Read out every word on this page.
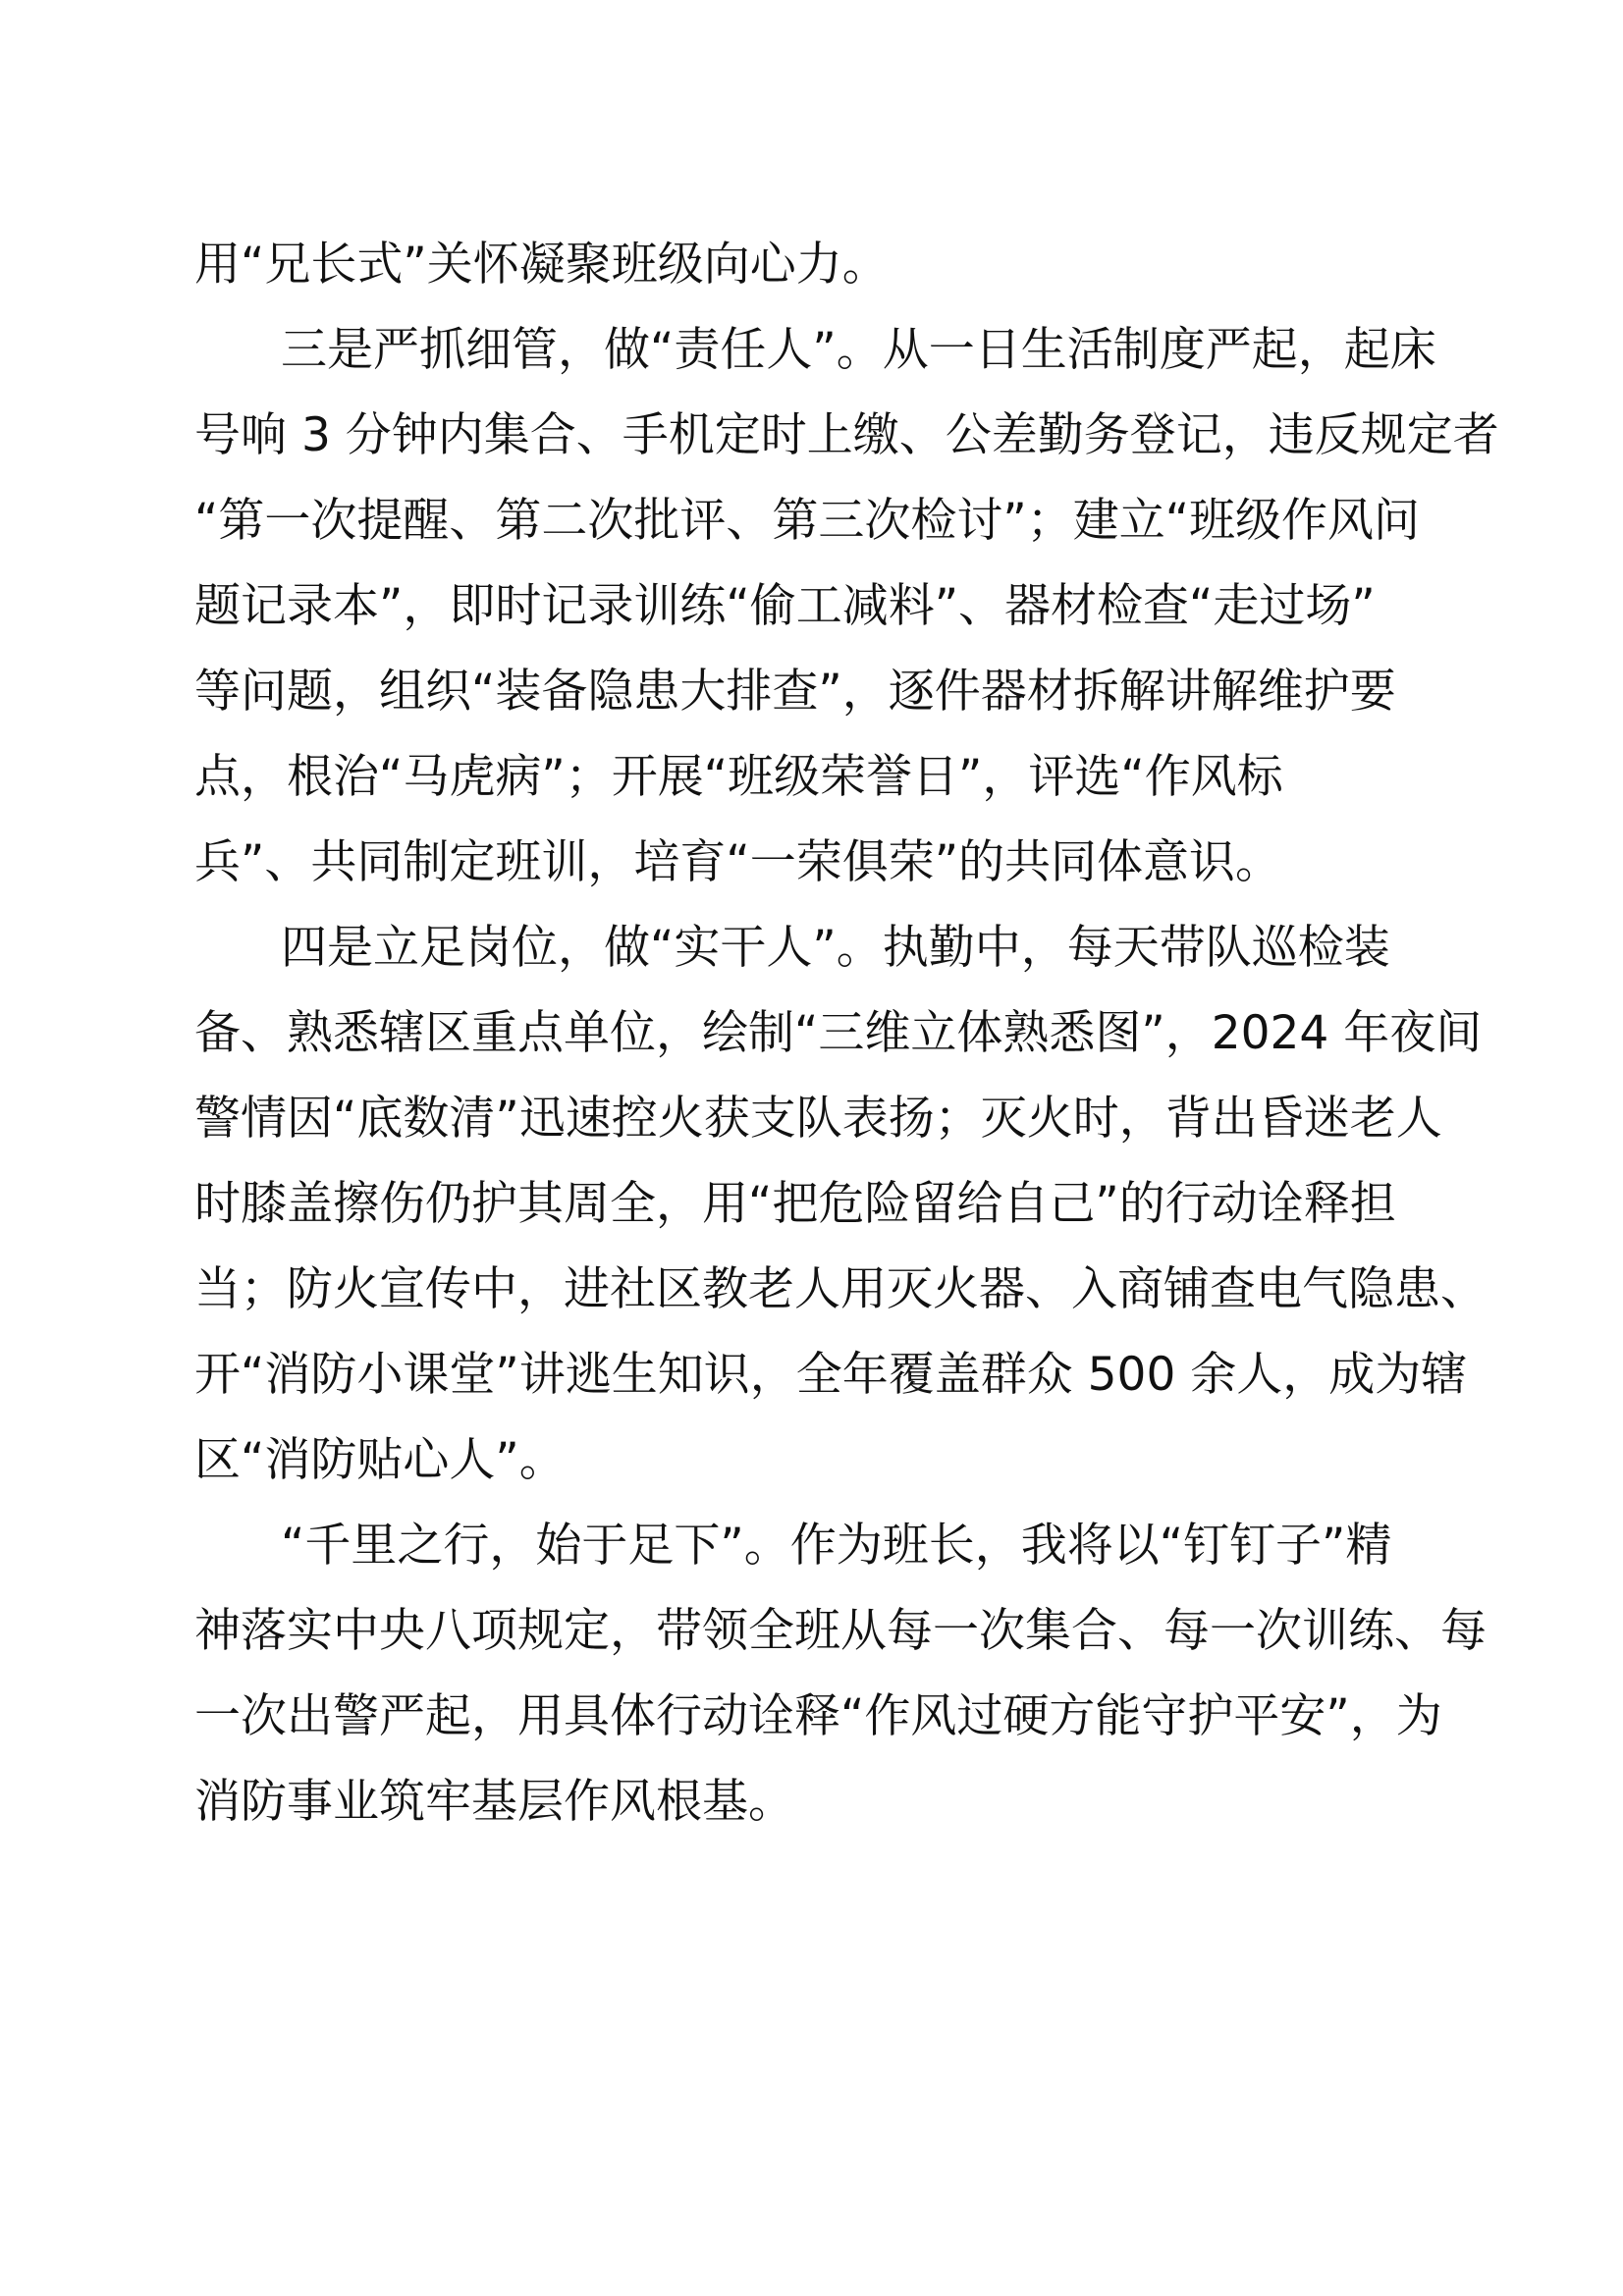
用“兄长式”关怀凝聚班级向心力。
三是严抓细管，做“责任人”。从一日生活制度严起，起床
号响 3 分钟内集合、手机定时上缴、公差勤务登记，违反规定者
“第一次提醒、第二次批评、第三次检讨”；建立“班级作风问
题记录本”，即时记录训练“偷工减料”、器材检查“走过场”
等问题，组织“装备隐患大排查”，逐件器材拆解讲解维护要
点，根治“马虎病”；开展“班级荣誉日”，评选“作风标
兵”、共同制定班训，培育“一荣俱荣”的共同体意识。
四是立足岗位，做“实干人”。执勤中，每天带队巡检装
备、熟悉辖区重点单位，绘制“三维立体熟悉图”，2024 年夜间
警情因“底数清”迅速控火获支队表扬；灭火时，背出昏迷老人
时膝盖擦伤仍护其周全，用“把危险留给自己”的行动诠释担
当；防火宣传中，进社区教老人用灭火器、入商铺查电气隐患、
开“消防小课堂”讲逃生知识，全年覆盖群众 500 余人，成为辖
区“消防贴心人”。
“千里之行，始于足下”。作为班长，我将以“钉钉子”精
神落实中央八项规定，带领全班从每一次集合、每一次训练、每
一次出警严起，用具体行动诠释“作风过硬方能守护平安”，为
消防事业筑牢基层作风根基。
